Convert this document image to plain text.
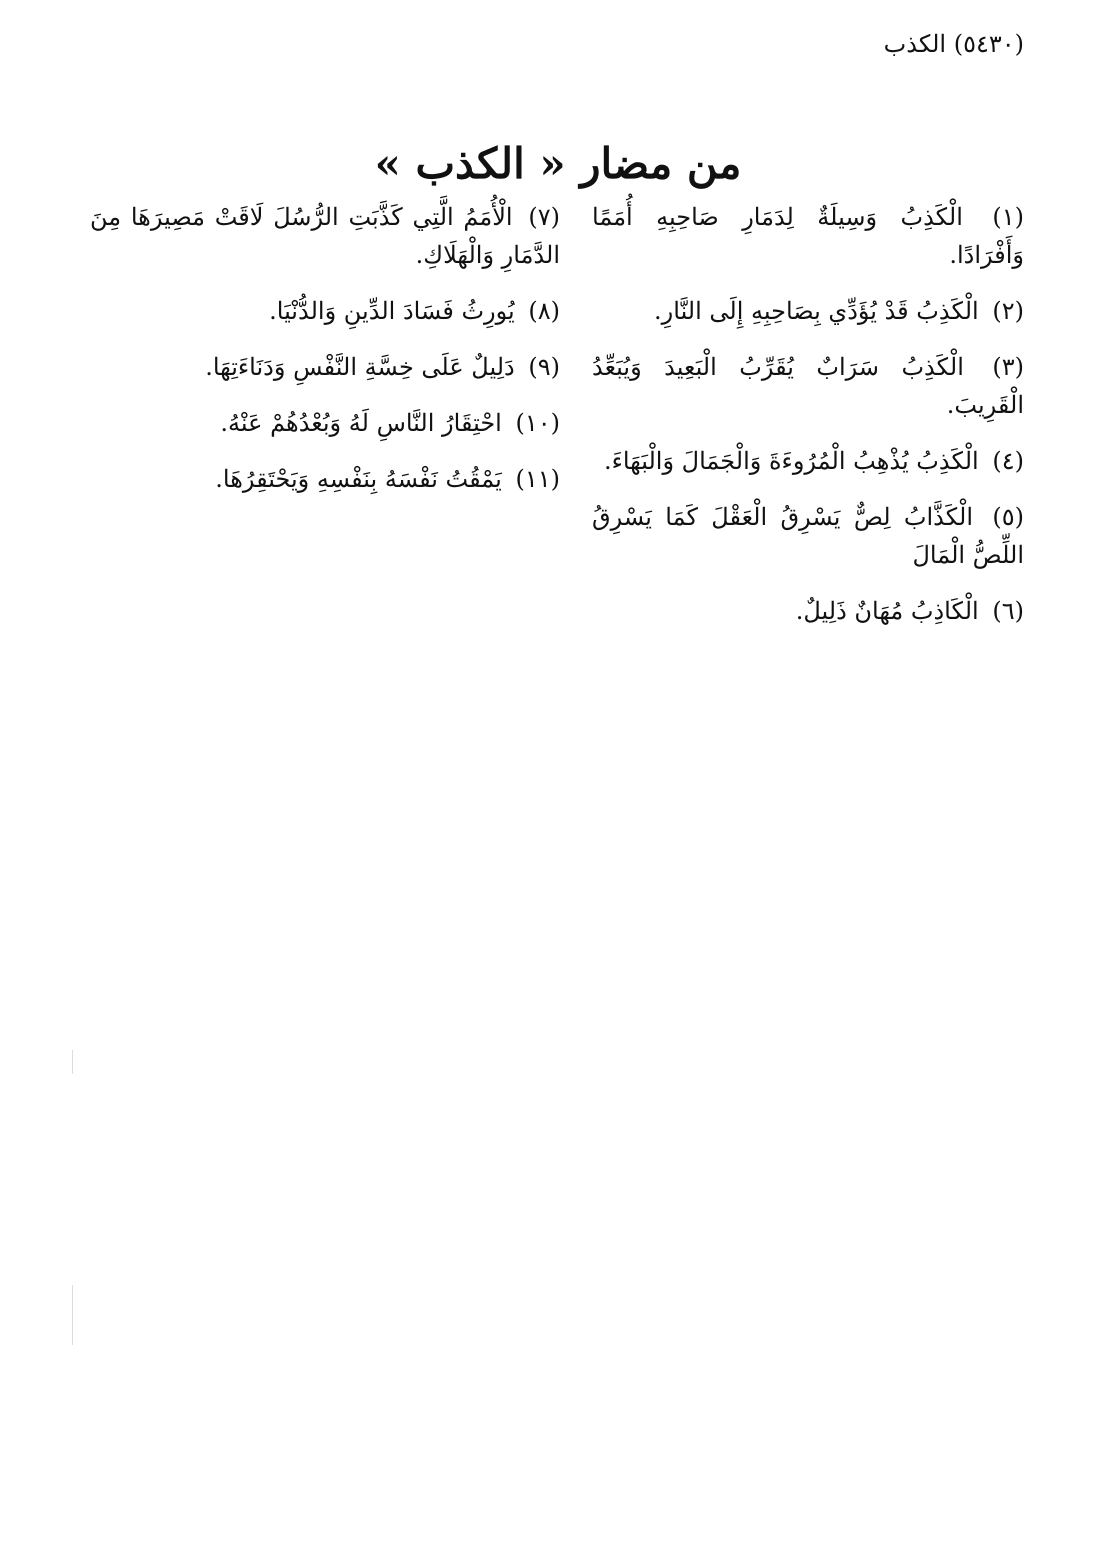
(٥٤٣٠) الكذب
من مضار « الكذب »

(١) الْكَذِبُ وَسِيلَةٌ لِدَمَارِ صَاحِبِهِ أُمَمًا وَأَفْرَادًا.

(٢) الْكَذِبُ قَدْ يُؤَدِّي بِصَاحِبِهِ إِلَى النَّارِ.

(٣) الْكَذِبُ سَرَابٌ يُقَرِّبُ الْبَعِيدَ وَيُبَعِّدُ الْقَرِيبَ.

(٤) الْكَذِبُ يُذْهِبُ الْمُرُوءَةَ وَالْجَمَالَ وَالْبَهَاءَ.

(٥) الْكَذَّابُ لِصٌّ يَسْرِقُ الْعَقْلَ كَمَا يَسْرِقُ اللِّصُّ الْمَالَ

(٦) الْكَاذِبُ مُهَانٌ ذَلِيلٌ.

(٧) الْأُمَمُ الَّتِي كَذَّبَتِ الرُّسُلَ لَاقَتْ مَصِيرَهَا مِنَ الدَّمَارِ وَالْهَلَاكِ.

(٨) يُورِثُ فَسَادَ الدِّينِ وَالدُّنْيَا.

(٩) دَلِيلٌ عَلَى خِسَّةِ النَّفْسِ وَدَنَاءَتِهَا.

(١٠) احْتِقَارُ النَّاسِ لَهُ وَبُعْدُهُمْ عَنْهُ.

(١١) يَمْقُتُ نَفْسَهُ بِنَفْسِهِ وَيَحْتَقِرُهَا.
